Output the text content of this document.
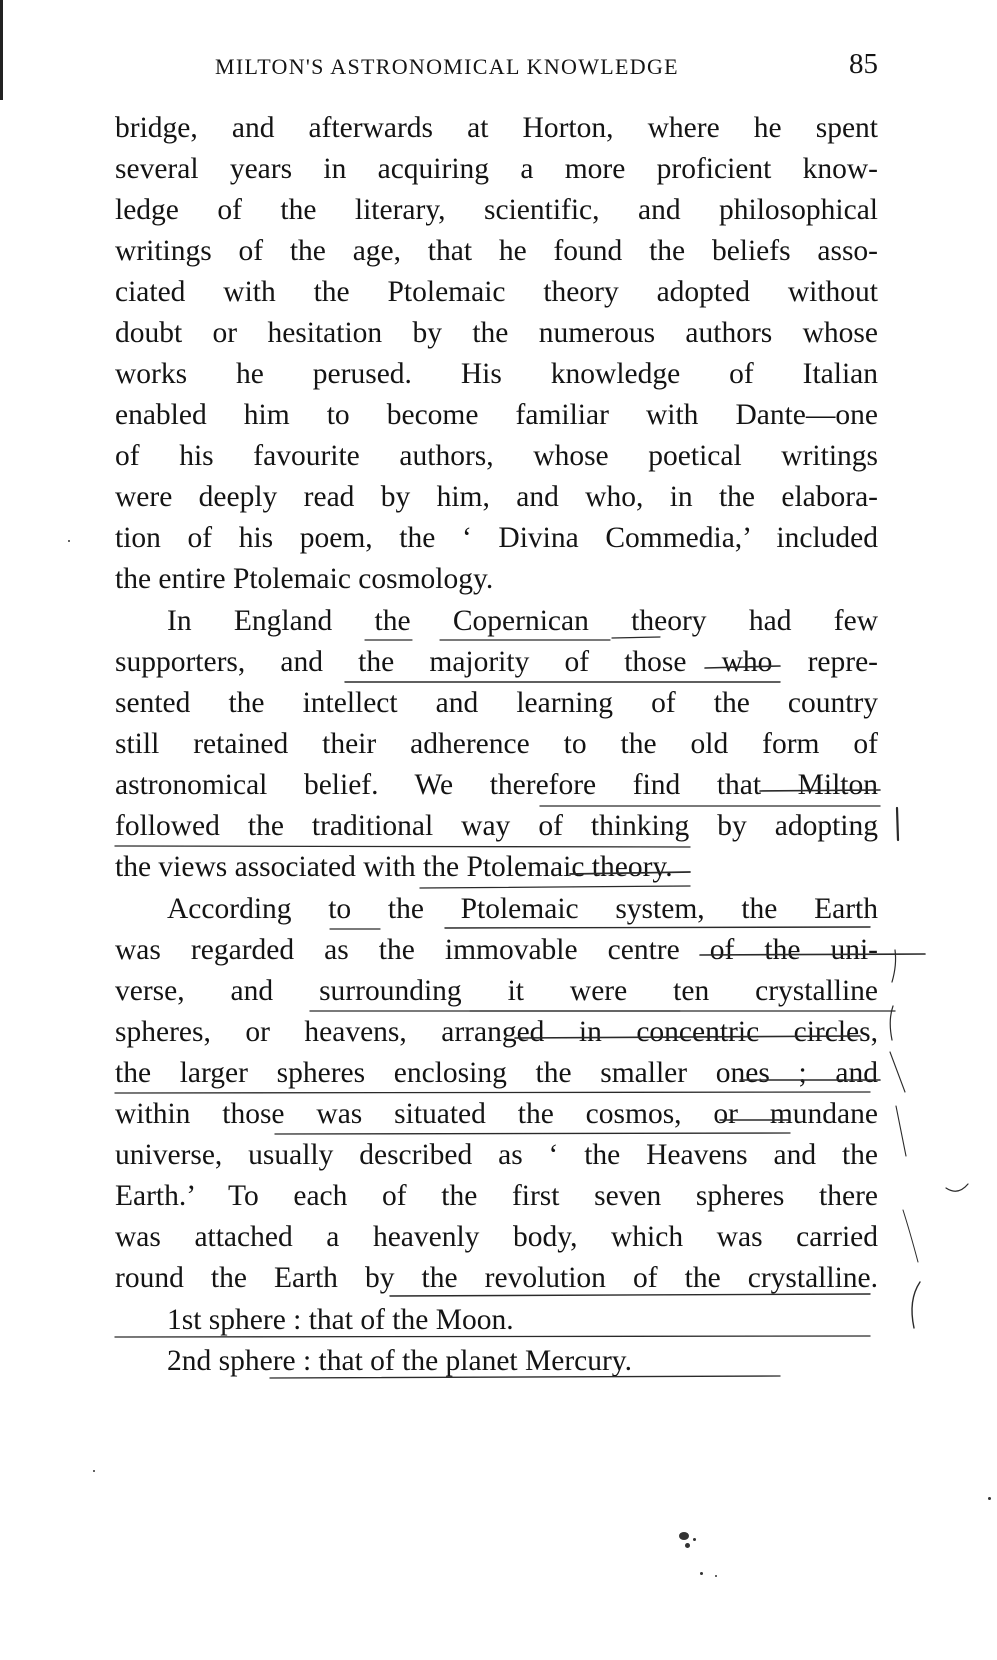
MILTON'S ASTRONOMICAL KNOWLEDGE	85
bridge, and afterwards at Horton, where he spent
several years in acquiring a more proficient know-
ledge of the literary, scientific, and philosophical
writings of the age, that he found the beliefs asso-
ciated with the Ptolemaic theory adopted without
doubt or hesitation by the numerous authors whose
works he perused. His knowledge of Italian
enabled him to become familiar with Dante—one
of his favourite authors, whose poetical writings
were deeply read by him, and who, in the elabora-
tion of his poem, the ‘ Divina Commedia,’ included
the entire Ptolemaic cosmology.
In England the Copernican theory had few
supporters, and the majority of those who repre-
sented the intellect and learning of the country
still retained their adherence to the old form of
astronomical belief. We therefore find that Milton
followed the traditional way of thinking by adopting
the views associated with the Ptolemaic theory.
According to the Ptolemaic system, the Earth
was regarded as the immovable centre of the uni-
verse, and surrounding it were ten crystalline
spheres, or heavens, arranged in concentric circles,
the larger spheres enclosing the smaller ones ; and
within those was situated the cosmos, or mundane
universe, usually described as ‘ the Heavens and the
Earth.’ To each of the first seven spheres there
was attached a heavenly body, which was carried
round the Earth by the revolution of the crystalline.
1st sphere : that of the Moon.
2nd sphere : that of the planet Mercury.
